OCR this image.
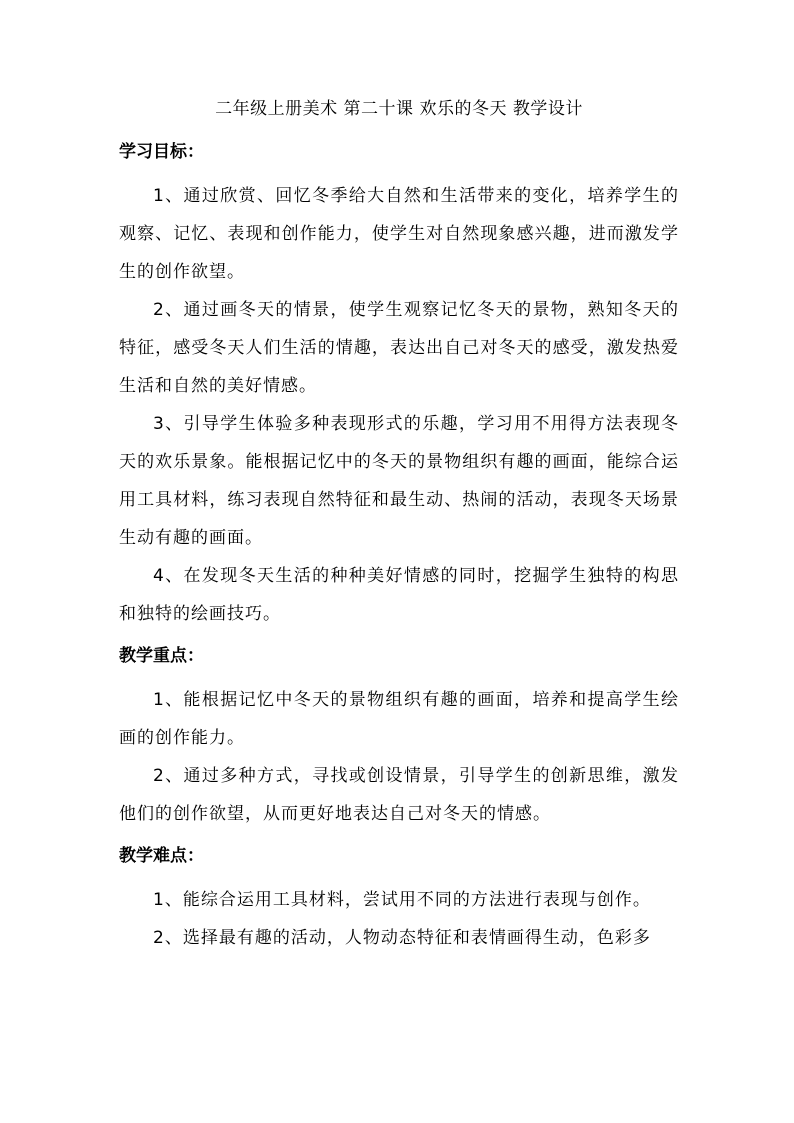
二年级上册美术 第二十课 欢乐的冬天 教学设计
学习目标：

1、通过欣赏、回忆冬季给大自然和生活带来的变化，培养学生的观察、记忆、表现和创作能力，使学生对自然现象感兴趣，进而激发学生的创作欲望。

2、通过画冬天的情景，使学生观察记忆冬天的景物，熟知冬天的特征，感受冬天人们生活的情趣，表达出自己对冬天的感受，激发热爱生活和自然的美好情感。

3、引导学生体验多种表现形式的乐趣，学习用不用得方法表现冬天的欢乐景象。能根据记忆中的冬天的景物组织有趣的画面，能综合运用工具材料，练习表现自然特征和最生动、热闹的活动，表现冬天场景生动有趣的画面。

4、在发现冬天生活的种种美好情感的同时，挖掘学生独特的构思和独特的绘画技巧。

教学重点：

1、能根据记忆中冬天的景物组织有趣的画面，培养和提高学生绘画的创作能力。

2、通过多种方式，寻找或创设情景，引导学生的创新思维，激发他们的创作欲望，从而更好地表达自己对冬天的情感。

教学难点：

1、能综合运用工具材料，尝试用不同的方法进行表现与创作。

2、选择最有趣的活动，人物动态特征和表情画得生动，色彩多
